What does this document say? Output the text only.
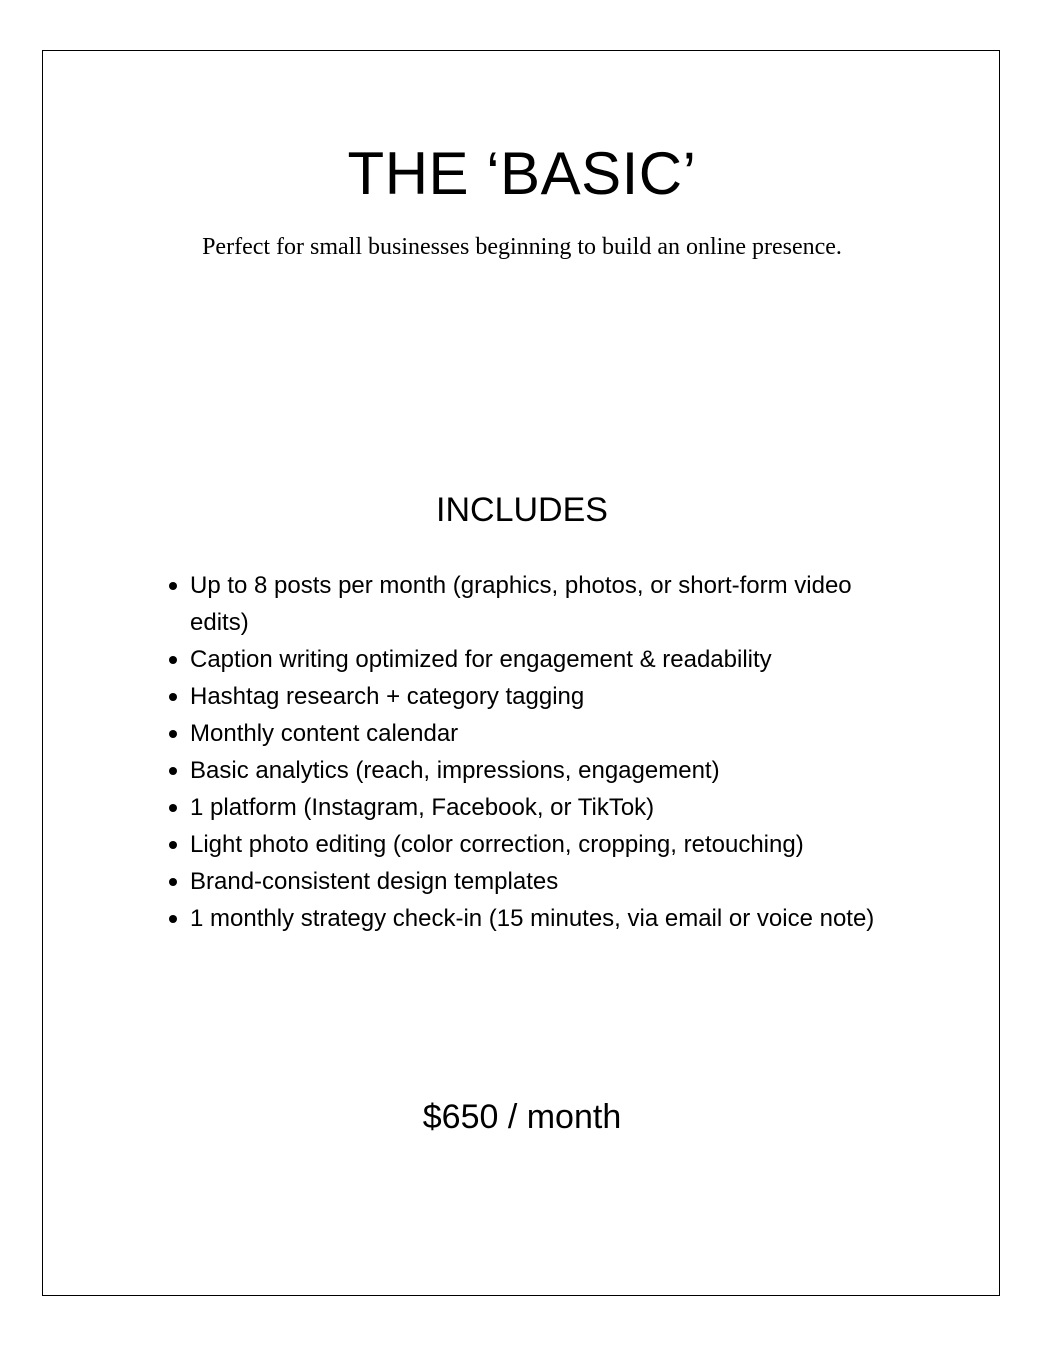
THE ‘BASIC’

Perfect for small businesses beginning to build an online presence.

INCLUDES
Up to 8 posts per month (graphics, photos, or short-form video edits)
Caption writing optimized for engagement & readability
Hashtag research + category tagging
Monthly content calendar
Basic analytics (reach, impressions, engagement)
1 platform (Instagram, Facebook, or TikTok)
Light photo editing (color correction, cropping, retouching)
Brand-consistent design templates
1 monthly strategy check-in (15 minutes, via email or voice note)

$650 / month
